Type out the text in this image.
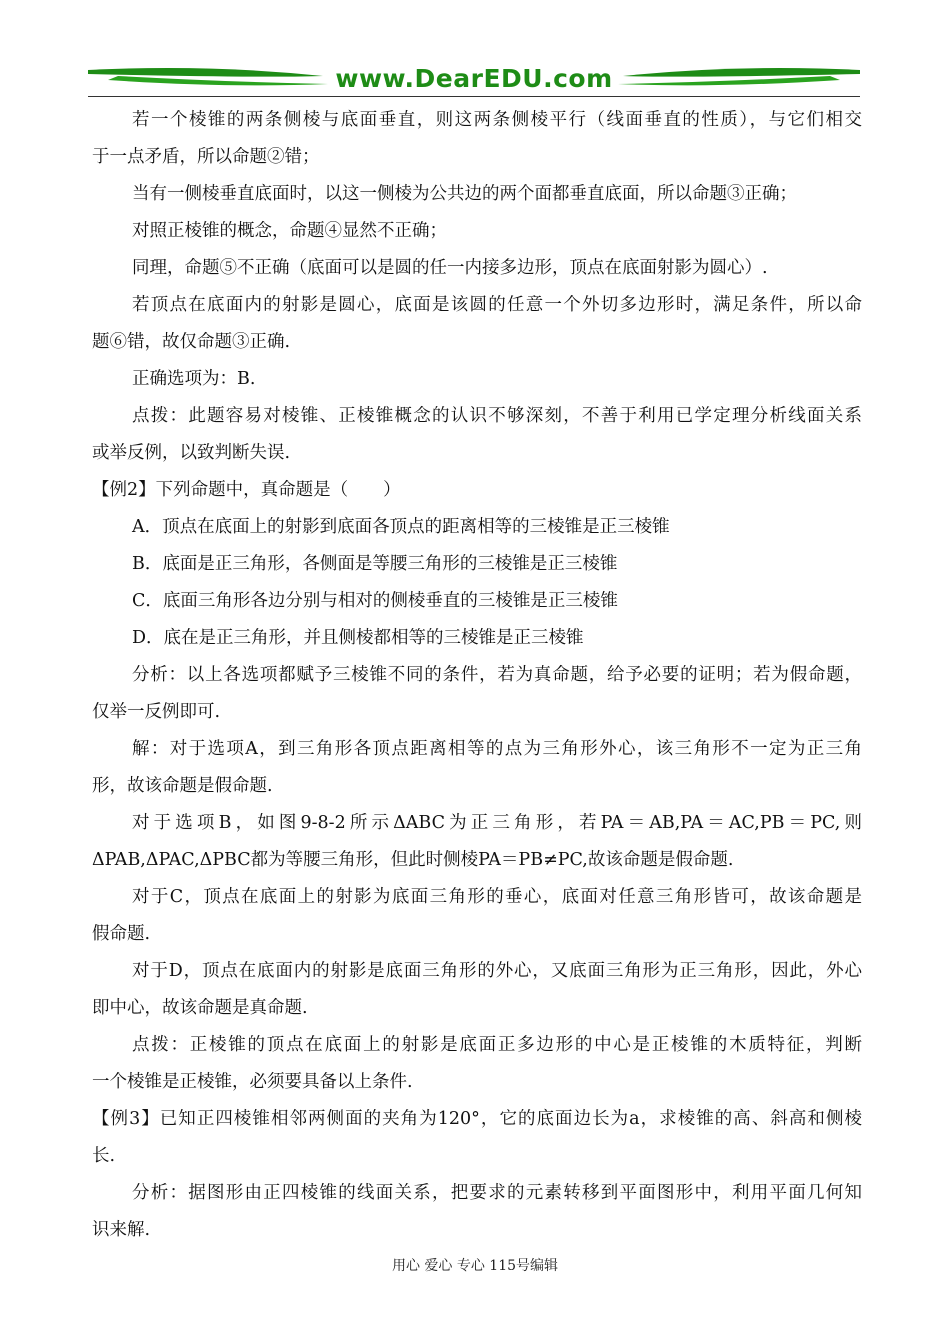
www.DearEDU.com
若一个棱锥的两条侧棱与底面垂直，则这两条侧棱平行（线面垂直的性质），与它们相交
于一点矛盾，所以命题②错；
当有一侧棱垂直底面时，以这一侧棱为公共边的两个面都垂直底面，所以命题③正确；
对照正棱锥的概念，命题④显然不正确；
同理，命题⑤不正确（底面可以是圆的任一内接多边形，顶点在底面射影为圆心）.
若顶点在底面内的射影是圆心，底面是该圆的任意一个外切多边形时，满足条件，所以命
题⑥错，故仅命题③正确.
正确选项为：B.
点拨：此题容易对棱锥、正棱锥概念的认识不够深刻，不善于利用已学定理分析线面关系
或举反例，以致判断失误.
【例2】下列命题中，真命题是（　　）
A．顶点在底面上的射影到底面各顶点的距离相等的三棱锥是正三棱锥
B．底面是正三角形，各侧面是等腰三角形的三棱锥是正三棱锥
C．底面三角形各边分别与相对的侧棱垂直的三棱锥是正三棱锥
D．底在是正三角形，并且侧棱都相等的三棱锥是正三棱锥
分析：以上各选项都赋予三棱锥不同的条件，若为真命题，给予必要的证明；若为假命题，
仅举一反例即可.
解：对于选项A，到三角形各顶点距离相等的点为三角形外心，该三角形不一定为正三角
形，故该命题是假命题.
对于选项B，如图9-8-2所示ΔABC为正三角形，若PA＝AB,PA＝AC,PB＝PC,则
ΔPAB,ΔPAC,ΔPBC都为等腰三角形，但此时侧棱PA＝PB≠PC,故该命题是假命题.
对于C，顶点在底面上的射影为底面三角形的垂心，底面对任意三角形皆可，故该命题是
假命题.
对于D，顶点在底面内的射影是底面三角形的外心，又底面三角形为正三角形，因此，外心
即中心，故该命题是真命题.
点拨：正棱锥的顶点在底面上的射影是底面正多边形的中心是正棱锥的木质特征，判断
一个棱锥是正棱锥，必须要具备以上条件.
【例3】已知正四棱锥相邻两侧面的夹角为120°，它的底面边长为a，求棱锥的高、斜高和侧棱
长.
分析：据图形由正四棱锥的线面关系，把要求的元素转移到平面图形中，利用平面几何知
识来解.
用心 爱心 专心 115号编辑
